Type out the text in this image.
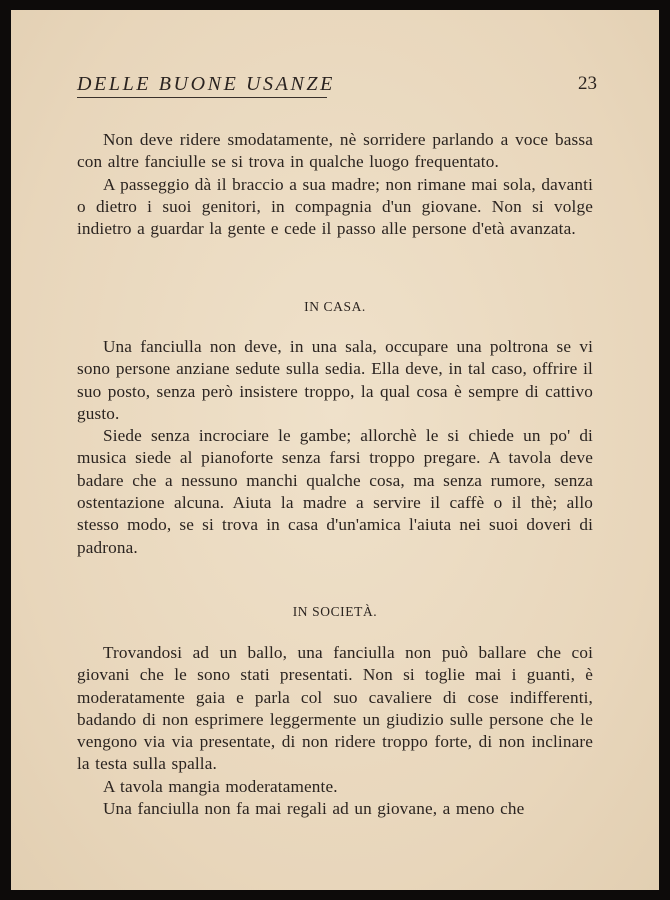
DELLE BUONE USANZE	23

Non deve ridere smodatamente, nè sorridere parlando a voce bassa con altre fanciulle se si trova in qualche luogo frequentato.

A passeggio dà il braccio a sua madre; non rimane mai sola, davanti o dietro i suoi genitori, in compagnia d'un giovane. Non si volge indietro a guardar la gente e cede il passo alle persone d'età avanzata.

IN CASA.

Una fanciulla non deve, in una sala, occupare una poltrona se vi sono persone anziane sedute sulla sedia. Ella deve, in tal caso, offrire il suo posto, senza però insistere troppo, la qual cosa è sempre di cattivo gusto.

Siede senza incrociare le gambe; allorchè le si chiede un po' di musica siede al pianoforte senza farsi troppo pregare. A tavola deve badare che a nessuno manchi qualche cosa, ma senza rumore, senza ostentazione alcuna. Aiuta la madre a servire il caffè o il thè; allo stesso modo, se si trova in casa d'un'amica l'aiuta nei suoi doveri di padrona.

IN SOCIETÀ.

Trovandosi ad un ballo, una fanciulla non può ballare che coi giovani che le sono stati presentati. Non si toglie mai i guanti, è moderatamente gaia e parla col suo cavaliere di cose indifferenti, badando di non esprimere leggermente un giudizio sulle persone che le vengono via via presentate, di non ridere troppo forte, di non inclinare la testa sulla spalla.

A tavola mangia moderatamente.

Una fanciulla non fa mai regali ad un giovane, a meno che
